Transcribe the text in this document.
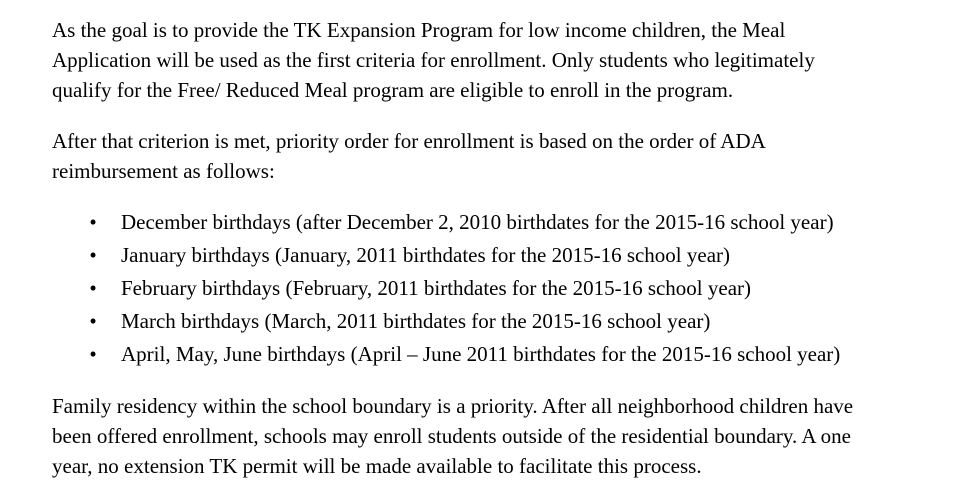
As the goal is to provide the TK Expansion Program for low income children, the Meal
Application will be used as the first criteria for enrollment. Only students who legitimately
qualify for the Free/ Reduced Meal program are eligible to enroll in the program.

After that criterion is met, priority order for enrollment is based on the order of ADA
reimbursement as follows:

• December birthdays (after December 2, 2010 birthdates for the 2015-16 school year)
• January birthdays (January, 2011 birthdates for the 2015-16 school year)
• February birthdays (February, 2011 birthdates for the 2015-16 school year)
• March birthdays (March, 2011 birthdates for the 2015-16 school year)
• April, May, June birthdays (April – June 2011 birthdates for the 2015-16 school year)

Family residency within the school boundary is a priority. After all neighborhood children have
been offered enrollment, schools may enroll students outside of the residential boundary. A one
year, no extension TK permit will be made available to facilitate this process.
